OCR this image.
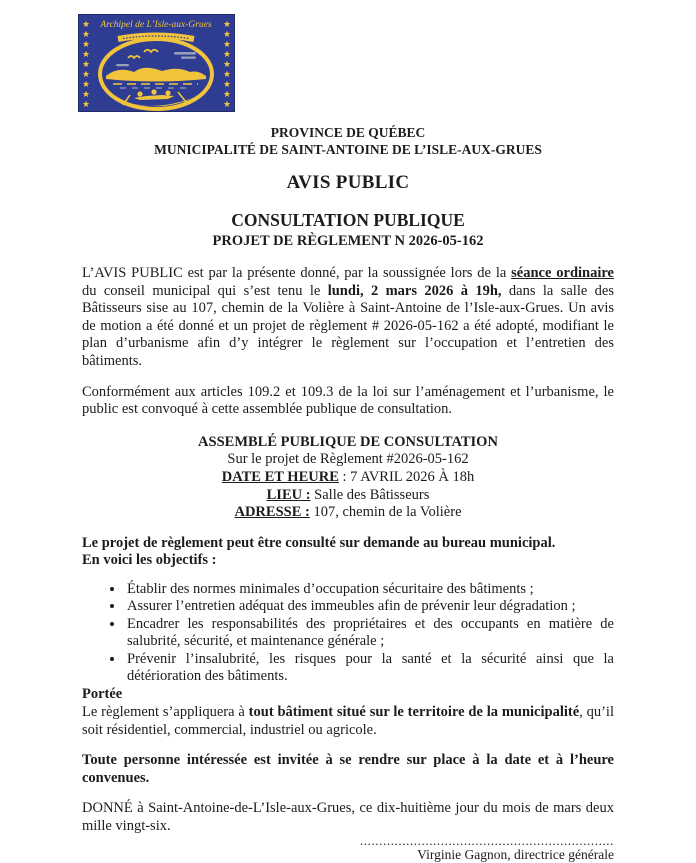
Archipel de L’Isle-aux-Grues
PROVINCE DE QUÉBEC
MUNICIPALITÉ DE SAINT-ANTOINE DE L’ISLE-AUX-GRUES
AVIS PUBLIC
CONSULTATION PUBLIQUE
PROJET DE RÈGLEMENT N 2026-05-162

L’AVIS PUBLIC est par la présente donné, par la soussignée lors de la séance ordinaire du conseil municipal qui s’est tenu le lundi, 2 mars 2026 à 19h, dans la salle des Bâtisseurs sise au 107, chemin de la Volière à Saint-Antoine de l’Isle-aux-Grues. Un avis de motion a été donné et un projet de règlement # 2026-05-162 a été adopté, modifiant le plan d’urbanisme afin d’y intégrer le règlement sur l’occupation et l’entretien des bâtiments.

Conformément aux articles 109.2 et 109.3 de la loi sur l’aménagement et l’urbanisme, le public est convoqué à cette assemblée publique de consultation.

ASSEMBLÉ PUBLIQUE DE CONSULTATION
Sur le projet de Règlement #2026-05-162
DATE ET HEURE : 7 AVRIL 2026 À 18h
LIEU : Salle des Bâtisseurs
ADRESSE : 107, chemin de la Volière

Le projet de règlement peut être consulté sur demande au bureau municipal.
En voici les objectifs :

• Établir des normes minimales d’occupation sécuritaire des bâtiments ;
• Assurer l’entretien adéquat des immeubles afin de prévenir leur dégradation ;
• Encadrer les responsabilités des propriétaires et des occupants en matière de salubrité, sécurité, et maintenance générale ;
• Prévenir l’insalubrité, les risques pour la santé et la sécurité ainsi que la détérioration des bâtiments.
Portée

Le règlement s’appliquera à tout bâtiment situé sur le territoire de la municipalité, qu’il soit résidentiel, commercial, industriel ou agricole.

Toute personne intéressée est invitée à se rendre sur place à la date et à l’heure convenues.

DONNÉ à Saint-Antoine-de-L’Isle-aux-Grues, ce dix-huitième jour du mois de mars deux mille vingt-six.

..................................................................
Virginie Gagnon, directrice générale
